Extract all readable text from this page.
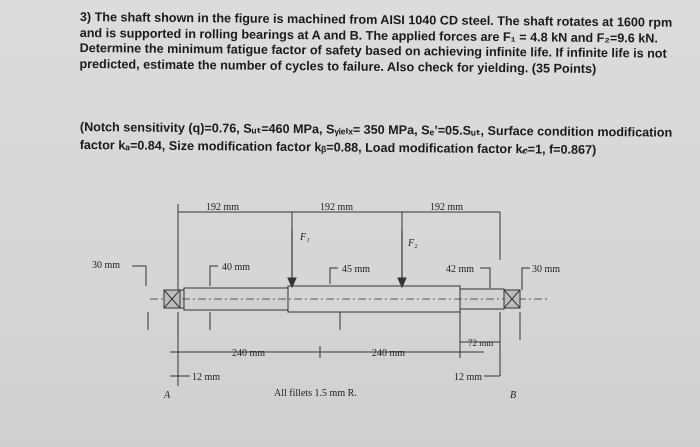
3) The shaft shown in the figure is machined from AISI 1040 CD steel. The shaft rotates at 1600 rpm and is supported in rolling bearings at A and B. The applied forces are F₁ = 4.8 kN and F₂=9.6 kN. Determine the minimum fatigue factor of safety based on achieving infinite life. If infinite life is not predicted, estimate the number of cycles to failure. Also check for yielding. (35 Points)

(Notch sensitivity (q)=0.76, Sᵤₜ=460 MPa, Sᵧᵢₑₗₓ= 350 MPa, Sₑ’=05.Sᵤₜ, Surface condition modification

factor kₐ=0.84, Size modification factor kᵦ=0.88, Load modification factor k𝒸=1, f=0.867)

192 mm	192 mm	192 mm
F₁
F₂
30 mm	40 mm	45 mm	42 mm	30 mm
240 mm	240 mm
72 mm
12 mm	12 mm
All fillets 1.5 mm R.
A	B
